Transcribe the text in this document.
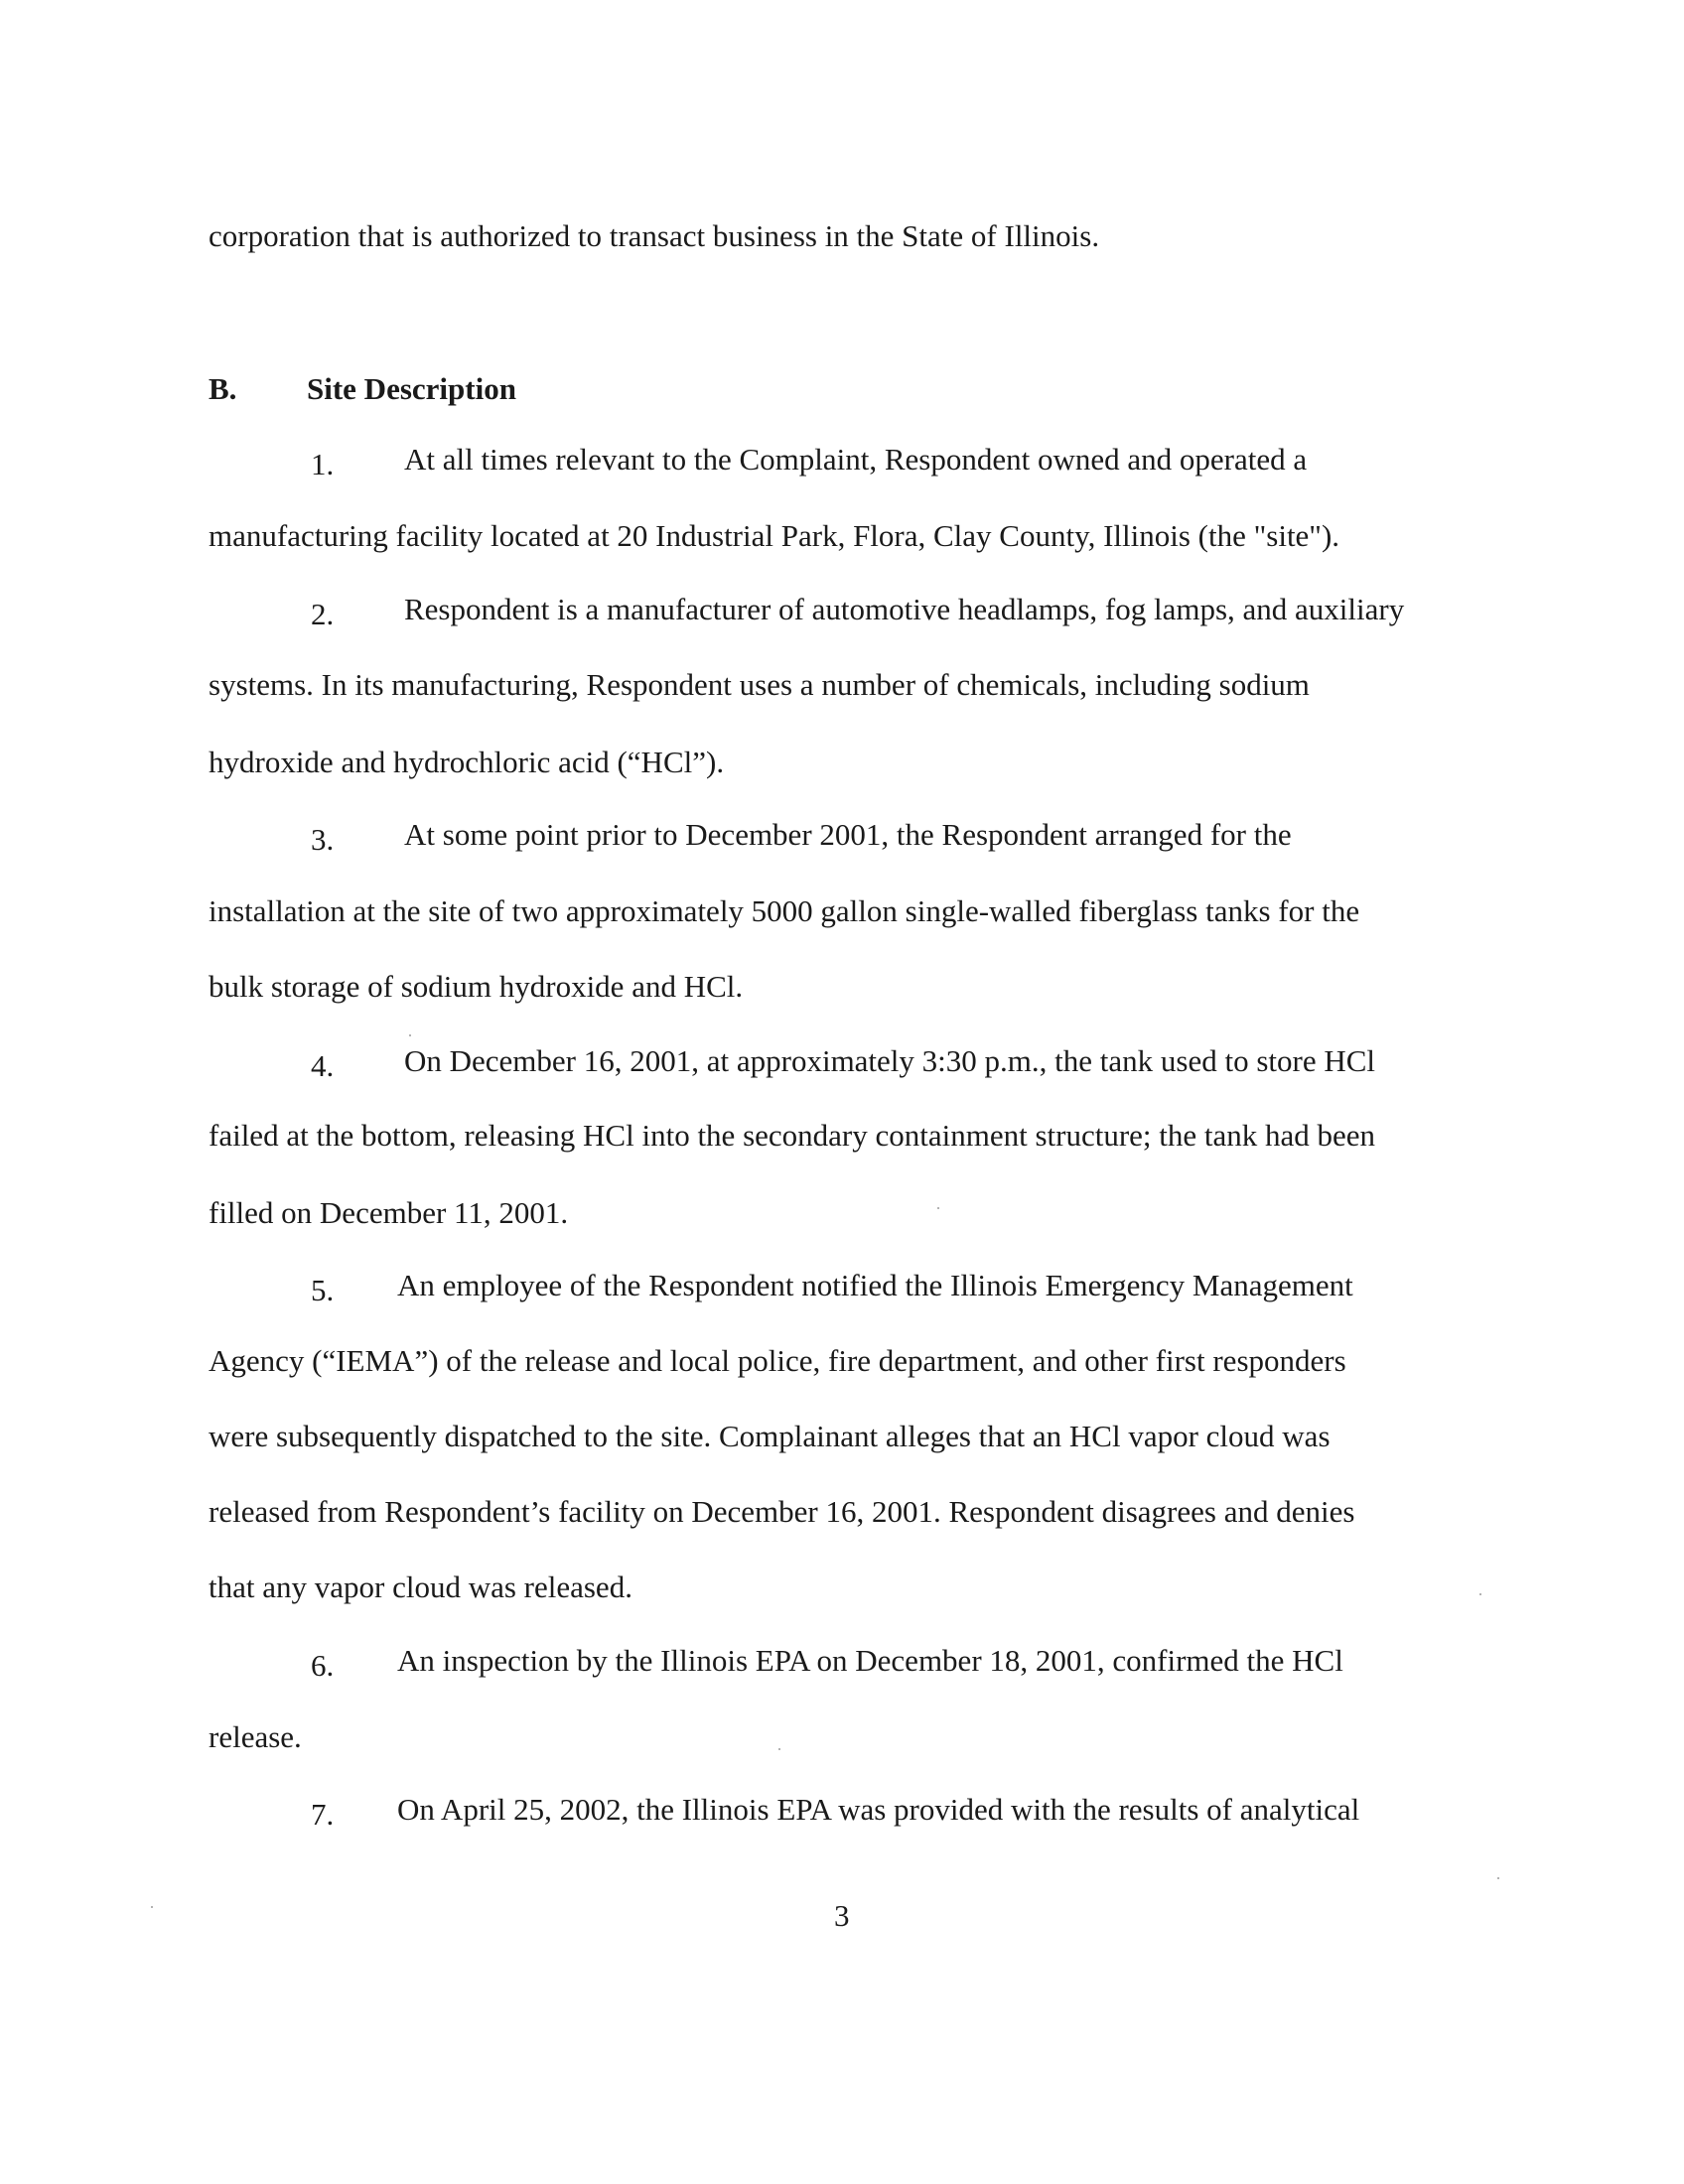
corporation that is authorized to transact business in the State of Illinois.
B. Site Description
1. At all times relevant to the Complaint, Respondent owned and operated a
manufacturing facility located at 20 Industrial Park, Flora, Clay County, Illinois (the "site").
2. Respondent is a manufacturer of automotive headlamps, fog lamps, and auxiliary
systems. In its manufacturing, Respondent uses a number of chemicals, including sodium
hydroxide and hydrochloric acid (“HCl”).
3. At some point prior to December 2001, the Respondent arranged for the
installation at the site of two approximately 5000 gallon single-walled fiberglass tanks for the
bulk storage of sodium hydroxide and HCl.
4. On December 16, 2001, at approximately 3:30 p.m., the tank used to store HCl
failed at the bottom, releasing HCl into the secondary containment structure; the tank had been
filled on December 11, 2001.
5. An employee of the Respondent notified the Illinois Emergency Management
Agency (“IEMA”) of the release and local police, fire department, and other first responders
were subsequently dispatched to the site. Complainant alleges that an HCl vapor cloud was
released from Respondent’s facility on December 16, 2001. Respondent disagrees and denies
that any vapor cloud was released.
6. An inspection by the Illinois EPA on December 18, 2001, confirmed the HCl
release.
7. On April 25, 2002, the Illinois EPA was provided with the results of analytical
3
